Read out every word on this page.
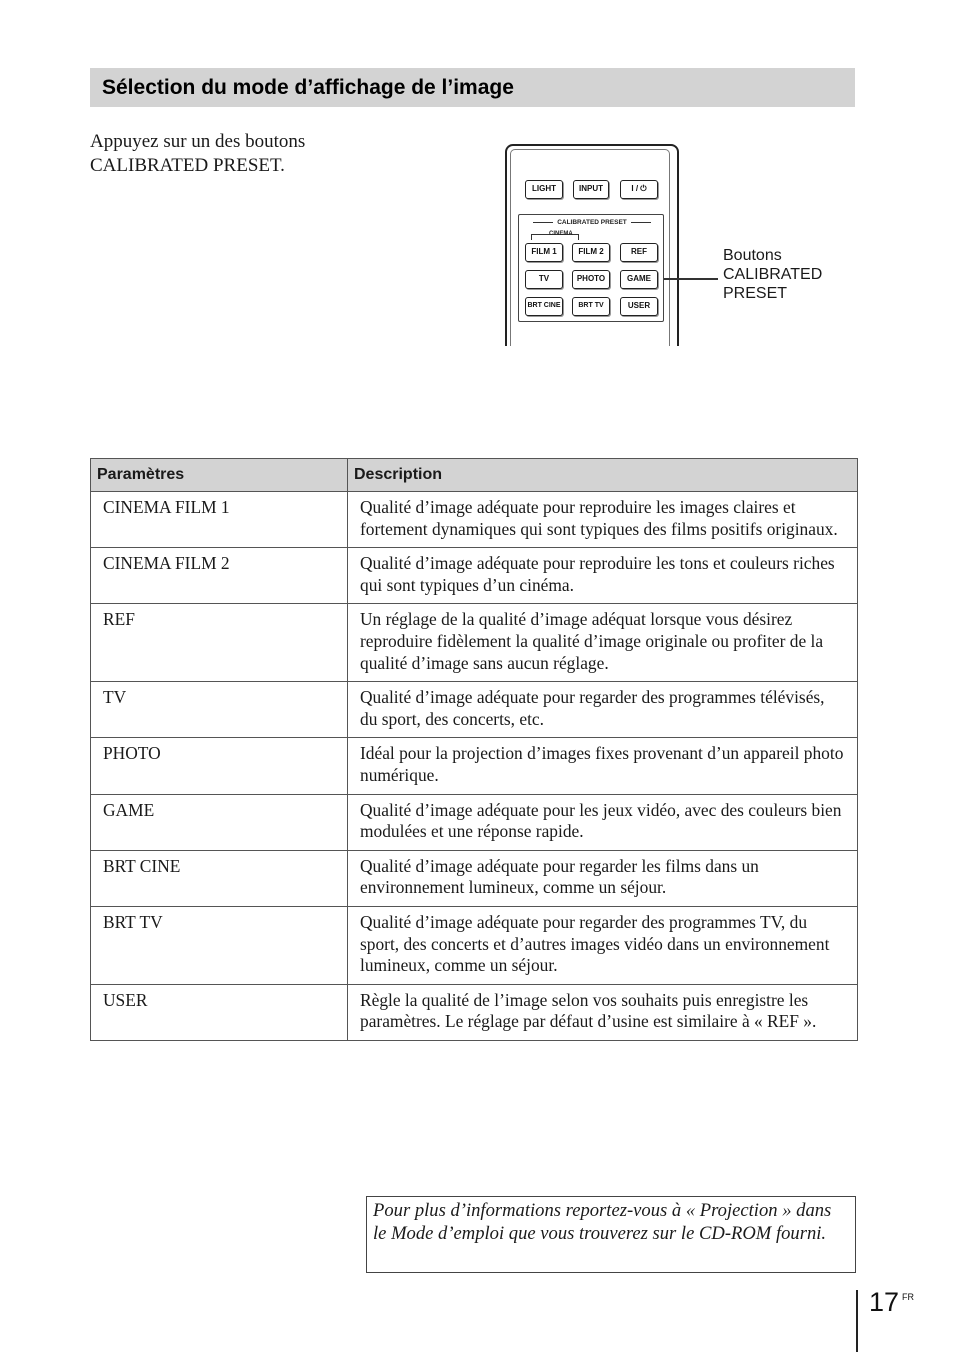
Sélection du mode d’affichage de l’image
Appuyez sur un des boutons CALIBRATED PRESET.
LIGHT	INPUT	I / ⏻
CALIBRATED PRESET
CINEMA
FILM 1	FILM 2	REF
TV	PHOTO	GAME
BRT CINE	BRT TV	USER
Boutons CALIBRATED PRESET
Paramètres	Description
CINEMA FILM 1	Qualité d’image adéquate pour reproduire les images claires et fortement dynamiques qui sont typiques des films positifs originaux.
CINEMA FILM 2	Qualité d’image adéquate pour reproduire les tons et couleurs riches qui sont typiques d’un cinéma.
REF	Un réglage de la qualité d’image adéquat lorsque vous désirez reproduire fidèlement la qualité d’image originale ou profiter de la qualité d’image sans aucun réglage.
TV	Qualité d’image adéquate pour regarder des programmes télévisés, du sport, des concerts, etc.
PHOTO	Idéal pour la projection d’images fixes provenant d’un appareil photo numérique.
GAME	Qualité d’image adéquate pour les jeux vidéo, avec des couleurs bien modulées et une réponse rapide.
BRT CINE	Qualité d’image adéquate pour regarder les films dans un environnement lumineux, comme un séjour.
BRT TV	Qualité d’image adéquate pour regarder des programmes TV, du sport, des concerts et d’autres images vidéo dans un environnement lumineux, comme un séjour.
USER	Règle la qualité de l’image selon vos souhaits puis enregistre les paramètres. Le réglage par défaut d’usine est similaire à « REF ».
Pour plus d’informations reportez-vous à « Projection » dans le Mode d’emploi que vous trouverez sur le CD-ROM fourni.
17 FR
